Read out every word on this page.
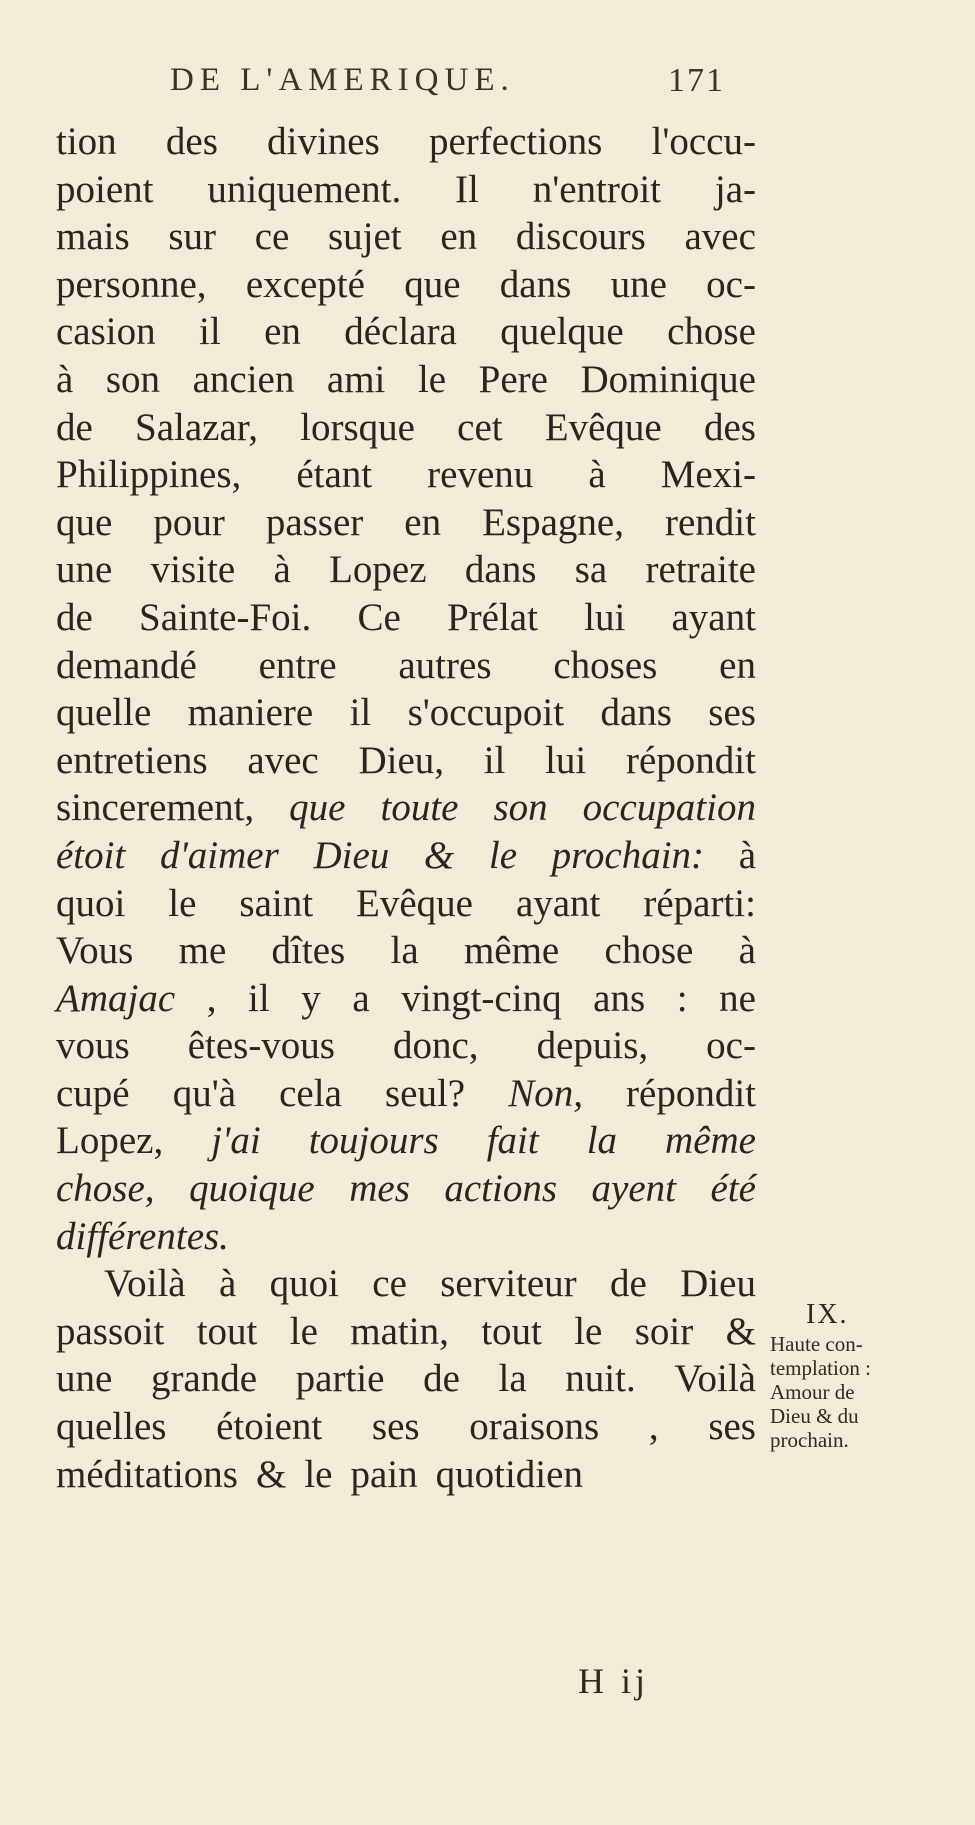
DE L'AMERIQUE.	171
tion des divines perfections l'occu-
poient uniquement. Il n'entroit ja-
mais sur ce sujet en discours avec
personne, excepté que dans une oc-
casion il en déclara quelque chose
à son ancien ami le Pere Dominique
de Salazar, lorsque cet Evêque des
Philippines, étant revenu à Mexi-
que pour passer en Espagne, rendit
une visite à Lopez dans sa retraite
de Sainte-Foi. Ce Prélat lui ayant
demandé entre autres choses en
quelle maniere il s'occupoit dans ses
entretiens avec Dieu, il lui répondit
sincerement, que toute son occupation
étoit d'aimer Dieu & le prochain: à
quoi le saint Evêque ayant réparti:
Vous me dîtes la même chose à
Amajac , il y a vingt-cinq ans : ne
vous êtes-vous donc, depuis, oc-
cupé qu'à cela seul? Non, répondit
Lopez, j'ai toujours fait la même
chose, quoique mes actions ayent été
différentes.
Voilà à quoi ce serviteur de Dieu
passoit tout le matin, tout le soir &
une grande partie de la nuit. Voilà
quelles étoient ses oraisons , ses
méditations & le pain quotidien
IX.
Haute con-
templation :
Amour de
Dieu & du
prochain.
H ij
